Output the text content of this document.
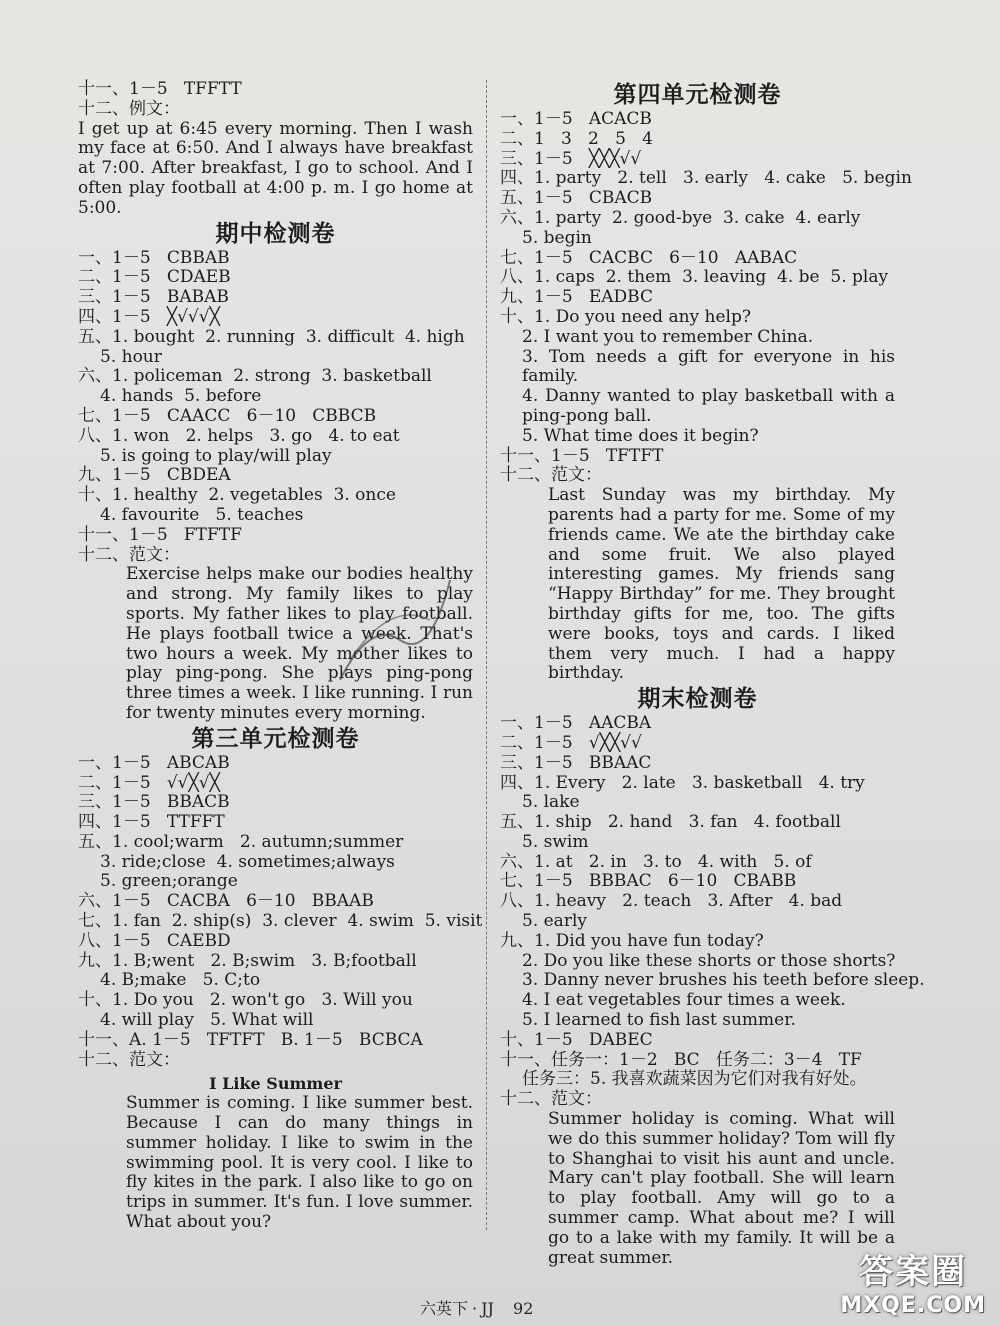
十一、1－5   TFFTT
十二、例文：
I get up at 6:45 every morning. Then I wash my face at 6:50. And I always have breakfast at 7:00. After breakfast, I go to school. And I often play football at 4:00 p. m. I go home at 5:00.
期中检测卷
一、1－5   CBBAB
二、1－5   CDAEB
三、1－5   BABAB
四、1－5   ╳√√√╳
五、1. bought  2. running  3. difficult  4. high
5. hour
六、1. policeman  2. strong  3. basketball
4. hands  5. before
七、1－5   CAACC   6－10   CBBCB
八、1. won   2. helps   3. go   4. to eat
5. is going to play/will play
九、1－5   CBDEA
十、1. healthy  2. vegetables  3. once
4. favourite   5. teaches
十一、1－5   FTFTF
十二、范文：
Exercise helps make our bodies healthy and strong. My family likes to play sports. My father likes to play football. He plays football twice a week. That's two hours a week. My mother likes to play ping-pong. She plays ping-pong three times a week. I like running. I run for twenty minutes every morning.
第三单元检测卷
一、1－5   ABCAB
二、1－5   √√╳√╳
三、1－5   BBACB
四、1－5   TTFFT
五、1. cool;warm   2. autumn;summer
3. ride;close  4. sometimes;always
5. green;orange
六、1－5   CACBA   6－10   BBAAB
七、1. fan  2. ship(s)  3. clever  4. swim  5. visit
八、1－5   CAEBD
九、1. B;went   2. B;swim   3. B;football
4. B;make   5. C;to
十、1. Do you   2. won't go   3. Will you
4. will play   5. What will
十一、A. 1－5   TFTFT   B. 1－5   BCBCA
十二、范文：
I Like Summer
Summer is coming. I like summer best. Because I can do many things in summer holiday. I like to swim in the swimming pool. It is very cool. I like to fly kites in the park. I also like to go on trips in summer. It's fun. I love summer. What about you?
第四单元检测卷
一、1－5   ACACB
二、1   3   2   5   4
三、1－5   ╳╳╳√√
四、1. party   2. tell   3. early   4. cake   5. begin
五、1－5   CBACB
六、1. party  2. good-bye  3. cake  4. early
5. begin
七、1－5   CACBC   6－10   AABAC
八、1. caps  2. them  3. leaving  4. be  5. play
九、1－5   EADBC
十、1. Do you need any help?
2. I want you to remember China.
3. Tom needs a gift for everyone in his family.
4. Danny wanted to play basketball with a ping-pong ball.
5. What time does it begin?
十一、1－5   TFTFT
十二、范文：
Last Sunday was my birthday. My parents had a party for me. Some of my friends came. We ate the birthday cake and some fruit. We also played interesting games. My friends sang “Happy Birthday” for me. They brought birthday gifts for me, too. The gifts were books, toys and cards. I liked them very much. I had a happy birthday.
期末检测卷
一、1－5   AACBA
二、1－5   √╳╳√√
三、1－5   BBAAC
四、1. Every   2. late   3. basketball   4. try
5. lake
五、1. ship   2. hand   3. fan   4. football
5. swim
六、1. at   2. in   3. to   4. with   5. of
七、1－5   BBBAC   6－10   CBABB
八、1. heavy   2. teach   3. After   4. bad
5. early
九、1. Did you have fun today?
2. Do you like these shorts or those shorts?
3. Danny never brushes his teeth before sleep.
4. I eat vegetables four times a week.
5. I learned to fish last summer.
十、1－5   DABEC
十一、任务一：1－2   BC   任务二：3－4   TF
任务三：5. 我喜欢蔬菜因为它们对我有好处。
十二、范文：
Summer holiday is coming. What will we do this summer holiday? Tom will fly to Shanghai to visit his aunt and uncle. Mary can't play football. She will learn to play football. Amy will go to a summer camp. What about me? I will go to a lake with my family. It will be a great summer.
六英下 · JJ 92
答案圈
MXQE.COM
